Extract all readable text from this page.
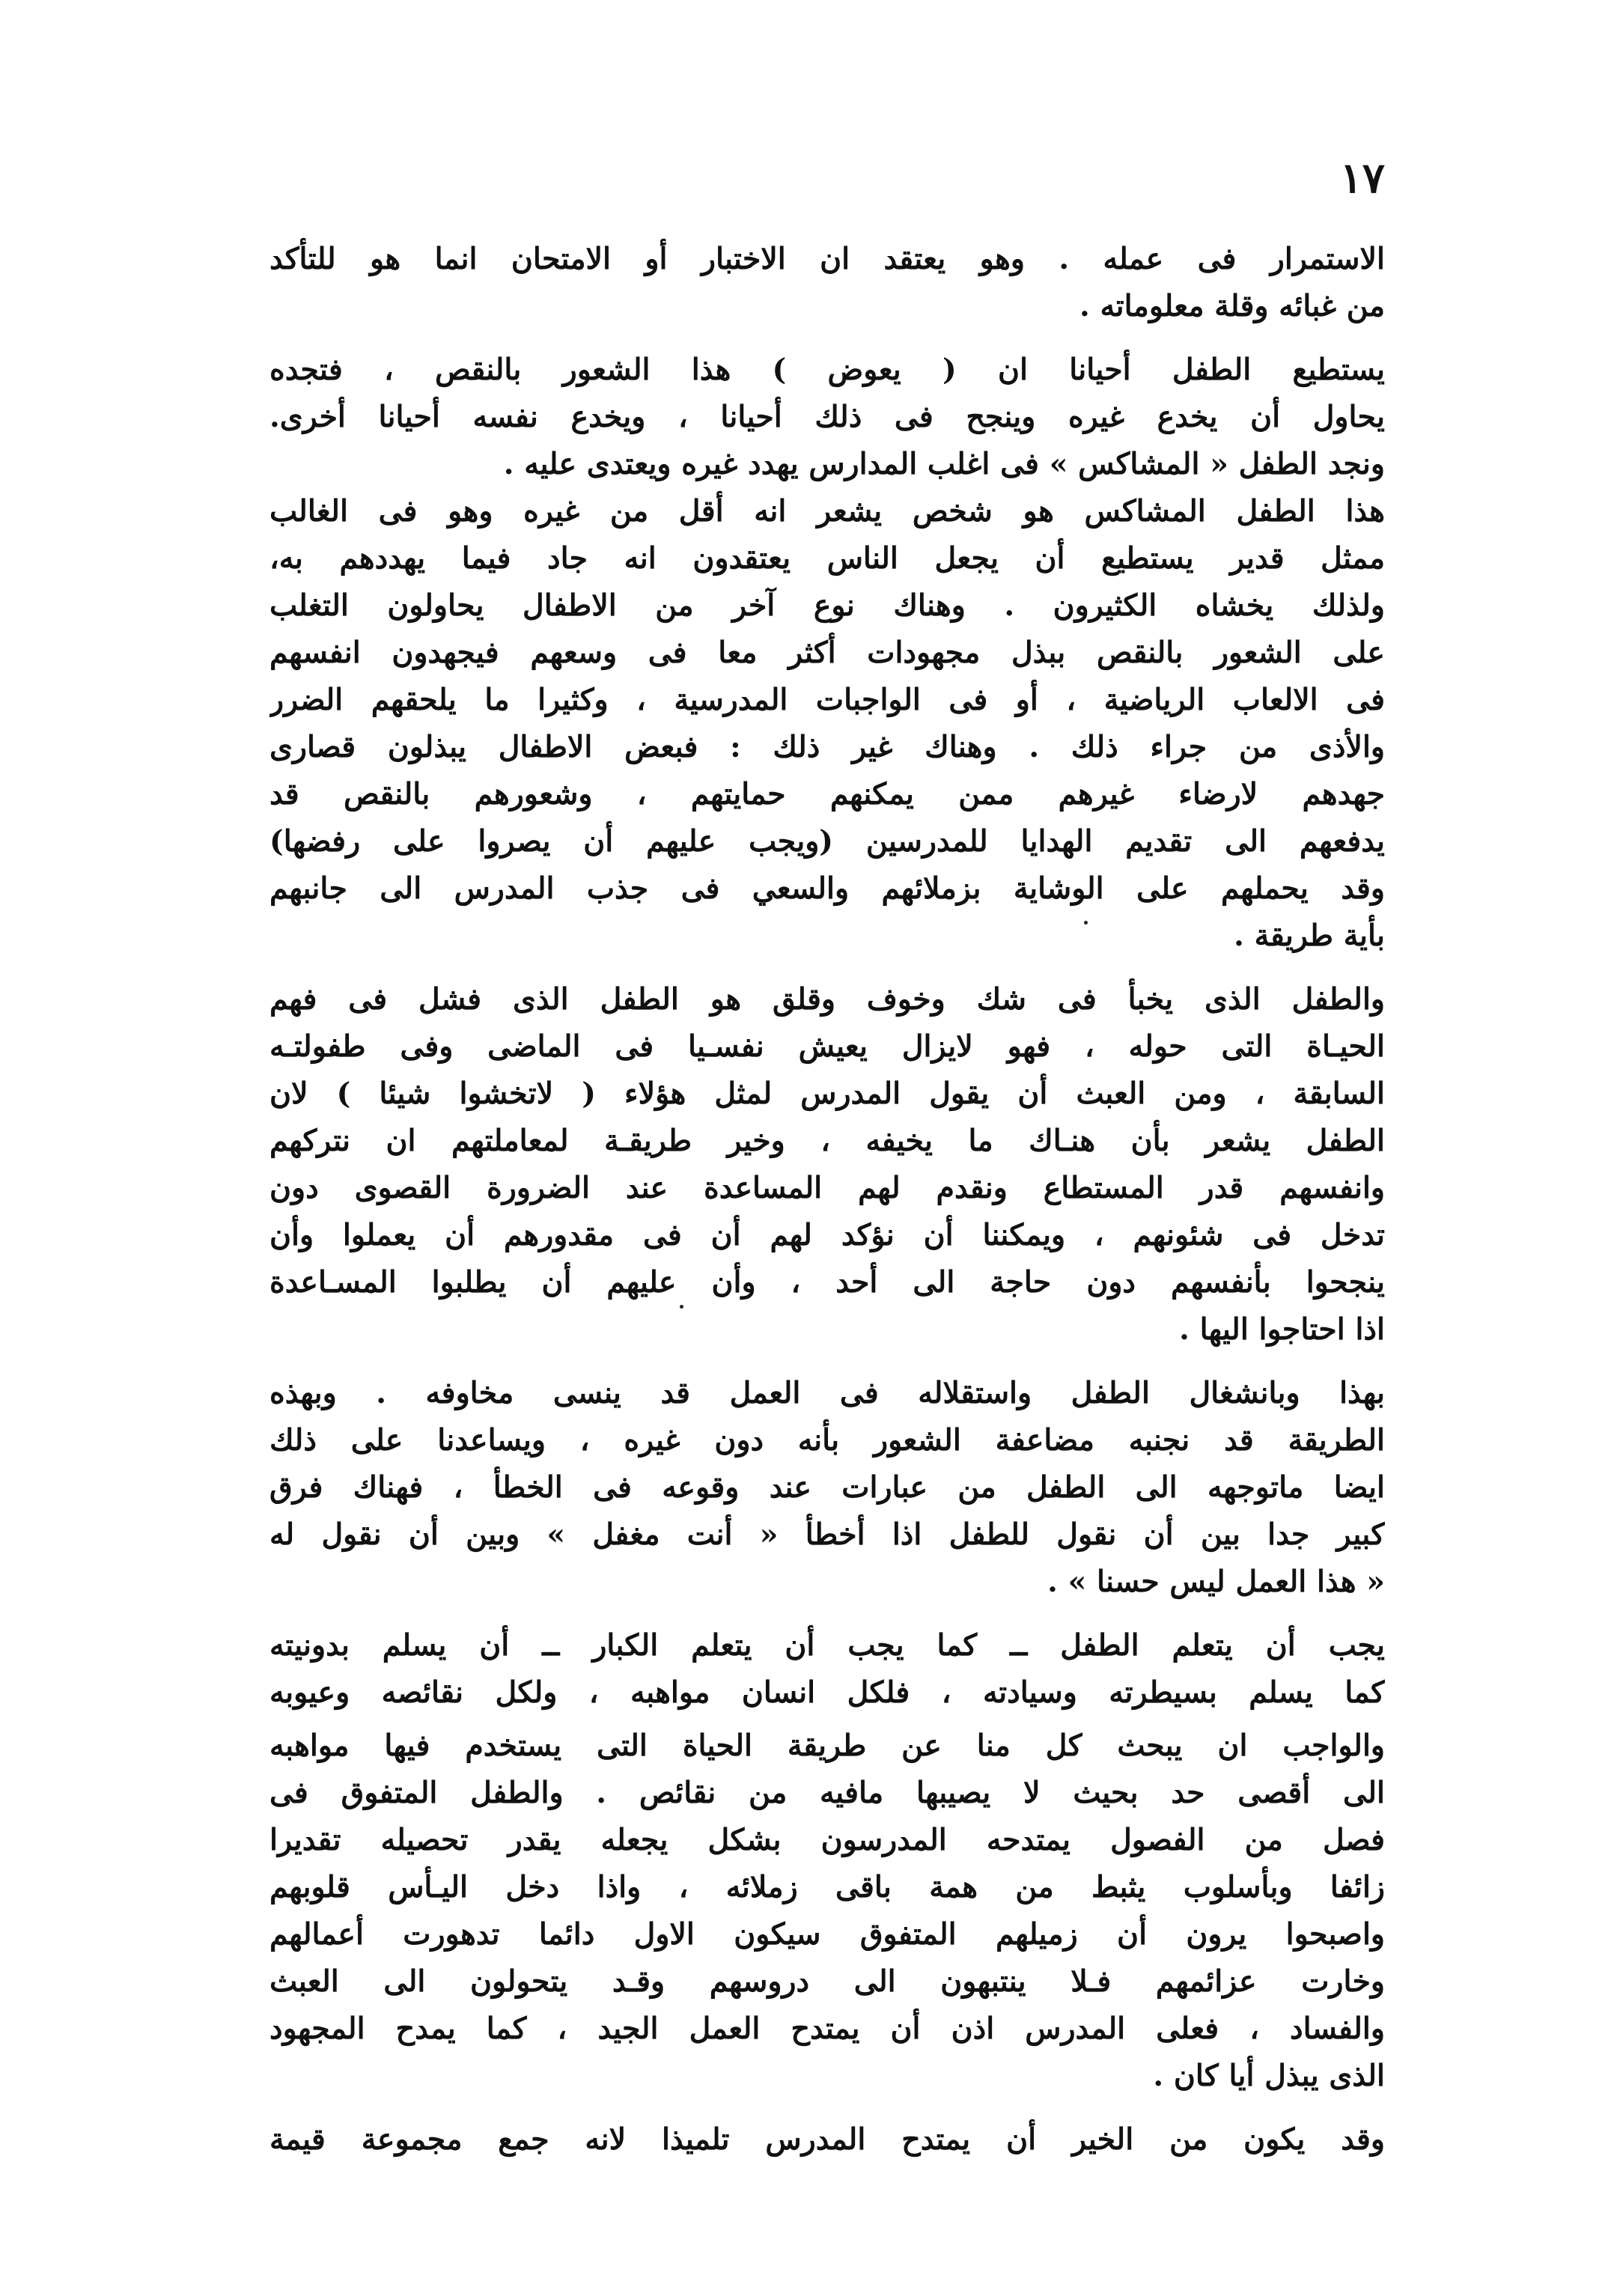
١٧
الاستمرار فى عمله . وهو يعتقد ان الاختبار أو الامتحان انما هو للتأكد
من غبائه وقلة معلوماته .
يستطيع الطفل أحيانا ان ( يعوض ) هذا الشعور بالنقص ، فتجده
يحاول أن يخدع غيره وينجح فى ذلك أحيانا ، ويخدع نفسه أحيانا أخرى.
ونجد الطفل « المشاكس » فى اغلب المدارس يهدد غيره ويعتدى عليه .
هذا الطفل المشاكس هو شخص يشعر انه أقل من غيره وهو فى الغالب
ممثل قدير يستطيع أن يجعل الناس يعتقدون انه جاد فيما يهددهم به،
ولذلك يخشاه الكثيرون . وهناك نوع آخر من الاطفال يحاولون التغلب
على الشعور بالنقص ببذل مجهودات أكثر معا فى وسعهم فيجهدون انفسهم
فى الالعاب الرياضية ، أو فى الواجبات المدرسية ، وكثيرا ما يلحقهم الضرر
والأذى من جراء ذلك . وهناك غير ذلك : فبعض الاطفال يبذلون قصارى
جهدهم لارضاء غيرهم ممن يمكنهم حمايتهم ، وشعورهم بالنقص قد
يدفعهم الى تقديم الهدايا للمدرسين (ويجب عليهم أن يصروا على رفضها)
وقد يحملهم على الوشاية بزملائهم والسعي فى جذب المدرس الى جانبهم
بأية طريقة .
والطفل الذى يخبأ فى شك وخوف وقلق هو الطفل الذى فشل فى فهم
الحيـاة التى حوله ، فهو لايزال يعيش نفسـيا فى الماضى وفى طفولتـه
السابقة ، ومن العبث أن يقول المدرس لمثل هؤلاء ( لاتخشوا شيئا ) لان
الطفل يشعر بأن هنـاك ما يخيفه ، وخير طريقـة لمعاملتهم ان نتركهم
وانفسهم قدر المستطاع ونقدم لهم المساعدة عند الضرورة القصوى دون
تدخل فى شئونهم ، ويمكننا أن نؤكد لهم أن فى مقدورهم أن يعملوا وأن
ينجحوا بأنفسهم دون حاجة الى أحد ، وأن عليهم أن يطلبوا المسـاعدة
اذا احتاجوا اليها .
بهذا وبانشغال الطفل واستقلاله فى العمل قد ينسى مخاوفه . وبهذه
الطريقة قد نجنبه مضاعفة الشعور بأنه دون غيره ، ويساعدنا على ذلك
ايضا ماتوجهه الى الطفل من عبارات عند وقوعه فى الخطأ ، فهناك فرق
كبير جدا بين أن نقول للطفل اذا أخطأ « أنت مغفل » وبين أن نقول له
« هذا العمل ليس حسنا » .
يجب أن يتعلم الطفل ــ كما يجب أن يتعلم الكبار ــ أن يسلم بدونيته
كما يسلم بسيطرته وسيادته ، فلكل انسان مواهبه ، ولكل نقائصه وعيوبه
والواجب ان يبحث كل منا عن طريقة الحياة التى يستخدم فيها مواهبه
الى أقصى حد بحيث لا يصيبها مافيه من نقائص . والطفل المتفوق فى
فصل من الفصول يمتدحه المدرسون بشكل يجعله يقدر تحصيله تقديرا
زائفا وبأسلوب يثبط من همة باقى زملائه ، واذا دخل اليـأس قلوبهم
واصبحوا يرون أن زميلهم المتفوق سيكون الاول دائما تدهورت أعمالهم
وخارت عزائمهم فـلا ينتبهون الى دروسهم وقـد يتحولون الى العبث
والفساد ، فعلى المدرس اذن أن يمتدح العمل الجيد ، كما يمدح المجهود
الذى يبذل أيا كان .
وقد يكون من الخير أن يمتدح المدرس تلميذا لانه جمع مجموعة قيمة
